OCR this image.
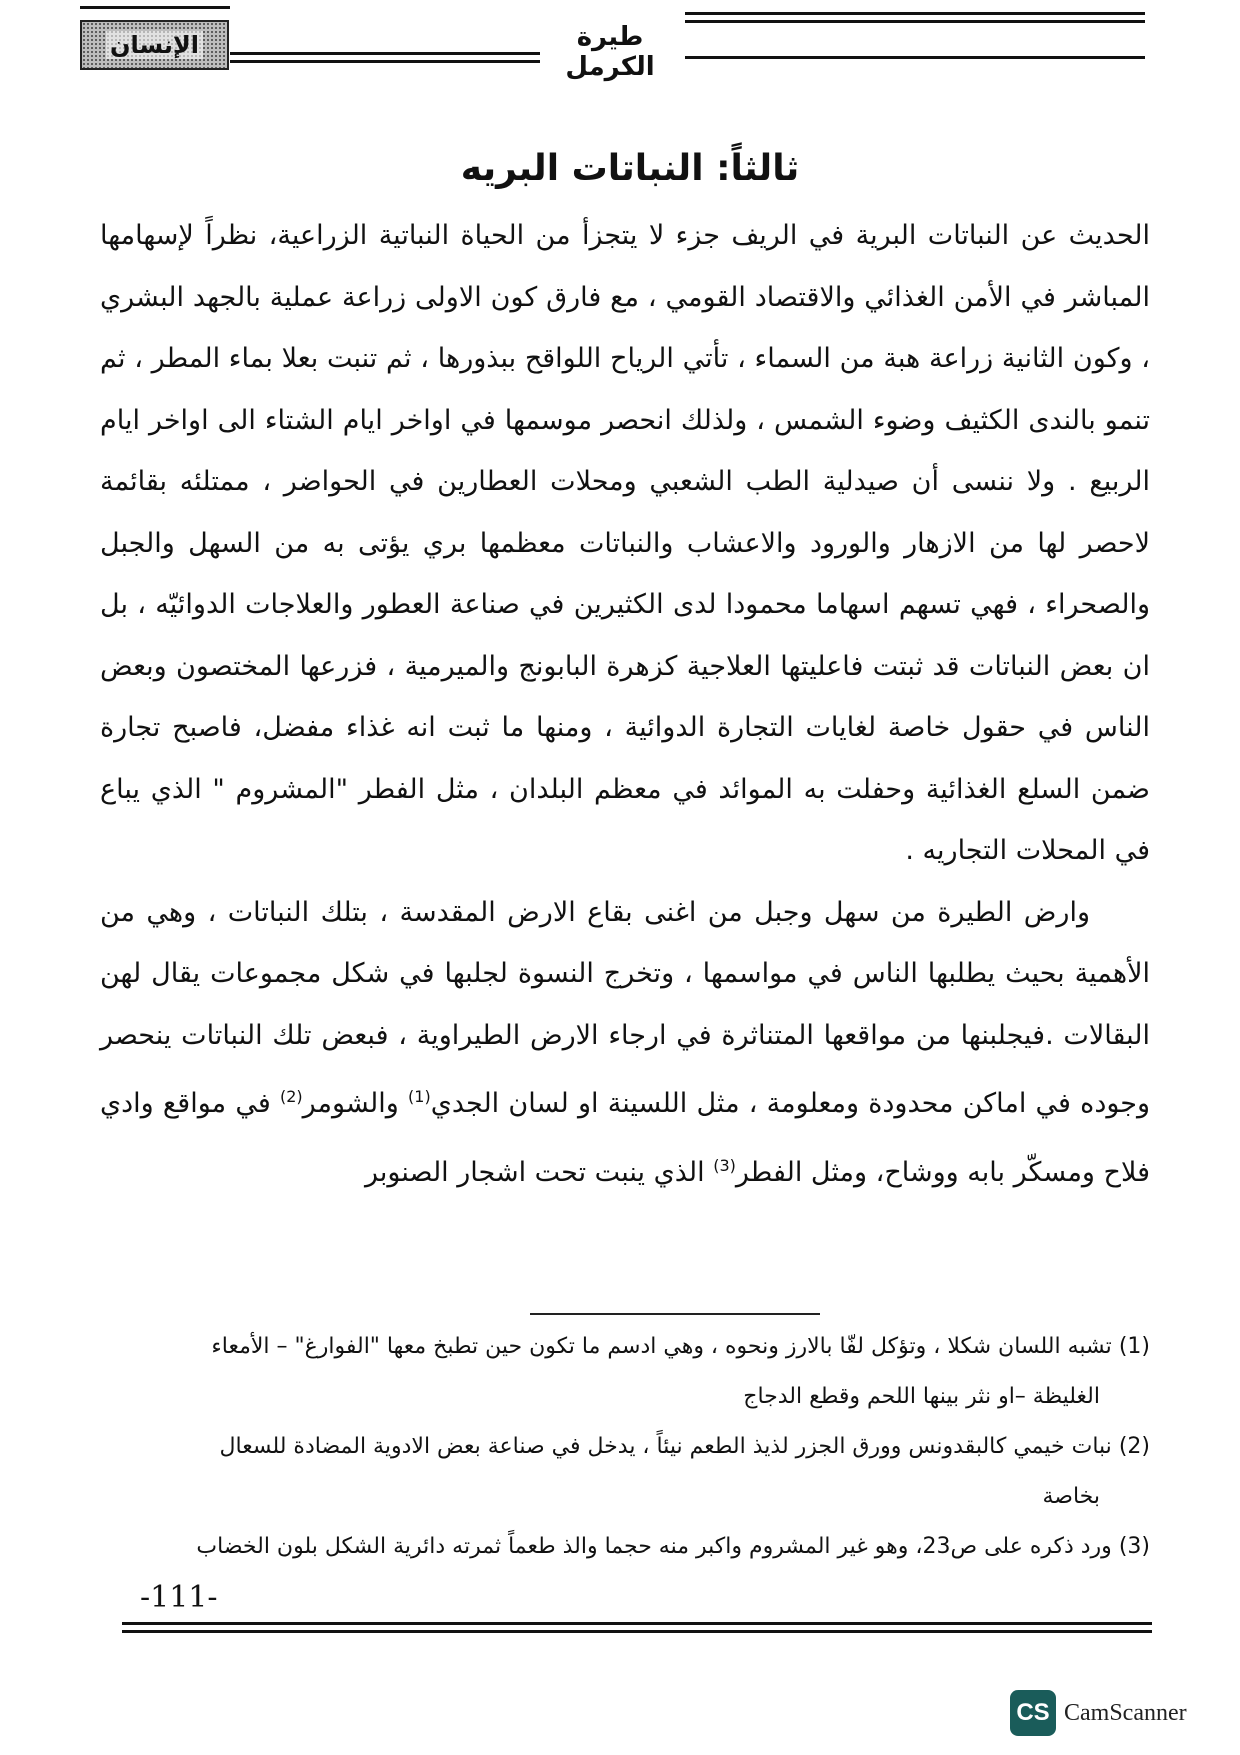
الإنسان	طيرة الكرمل
ثالثاً: النباتات البريه

الحديث عن النباتات البرية في الريف جزء لا يتجزأ من الحياة النباتية الزراعية، نظراً لإسهامها المباشر في الأمن الغذائي والاقتصاد القومي ، مع فارق كون الاولى زراعة عملية بالجهد البشري ، وكون الثانية زراعة هبة من السماء ، تأتي الرياح اللواقح ببذورها ، ثم تنبت بعلا بماء المطر ، ثم تنمو بالندى الكثيف وضوء الشمس ، ولذلك انحصر موسمها في اواخر ايام الشتاء الى اواخر ايام الربيع . ولا ننسى أن صيدلية الطب الشعبي ومحلات العطارين في الحواضر ، ممتلئه بقائمة لاحصر لها من الازهار والورود والاعشاب والنباتات معظمها بري يؤتى به من السهل والجبل والصحراء ، فهي تسهم اسهاما محمودا لدى الكثيرين في صناعة العطور والعلاجات الدوائيّه ، بل ان بعض النباتات قد ثبتت فاعليتها العلاجية كزهرة البابونج والميرمية ، فزرعها المختصون وبعض الناس في حقول خاصة لغايات التجارة الدوائية ، ومنها ما ثبت انه غذاء مفضل، فاصبح تجارة ضمن السلع الغذائية وحفلت به الموائد في معظم البلدان ، مثل الفطر "المشروم " الذي يباع في المحلات التجاريه .

وارض الطيرة من سهل وجبل من اغنى بقاع الارض المقدسة ، بتلك النباتات ، وهي من الأهمية بحيث يطلبها الناس في مواسمها ، وتخرج النسوة لجلبها في شكل مجموعات يقال لهن البقالات .فيجلبنها من مواقعها المتناثرة في ارجاء الارض الطيراوية ، فبعض تلك النباتات ينحصر وجوده في اماكن محدودة ومعلومة ، مثل اللسينة او لسان الجدي$^{(1)}$ والشومر$^{(2)}$ في مواقع وادي فلاح ومسكّر بابه ووشاح، ومثل الفطر$^{(3)}$ الذي ينبت تحت اشجار الصنوبر

(1) تشبه اللسان شكلا ، وتؤكل لفّا بالارز ونحوه ، وهي ادسم ما تكون حين تطبخ معها "الفوارغ" – الأمعاء
الغليظة –او نثر بينها اللحم وقطع الدجاج
(2) نبات خيمي كالبقدونس وورق الجزر لذيذ الطعم نيئاً ، يدخل في صناعة بعض الادوية المضادة للسعال
بخاصة
(3) ورد ذكره على ص23، وهو غير المشروم واكبر منه حجما والذ طعماً ثمرته دائرية الشكل بلون الخضاب
-111-
CS CamScanner
